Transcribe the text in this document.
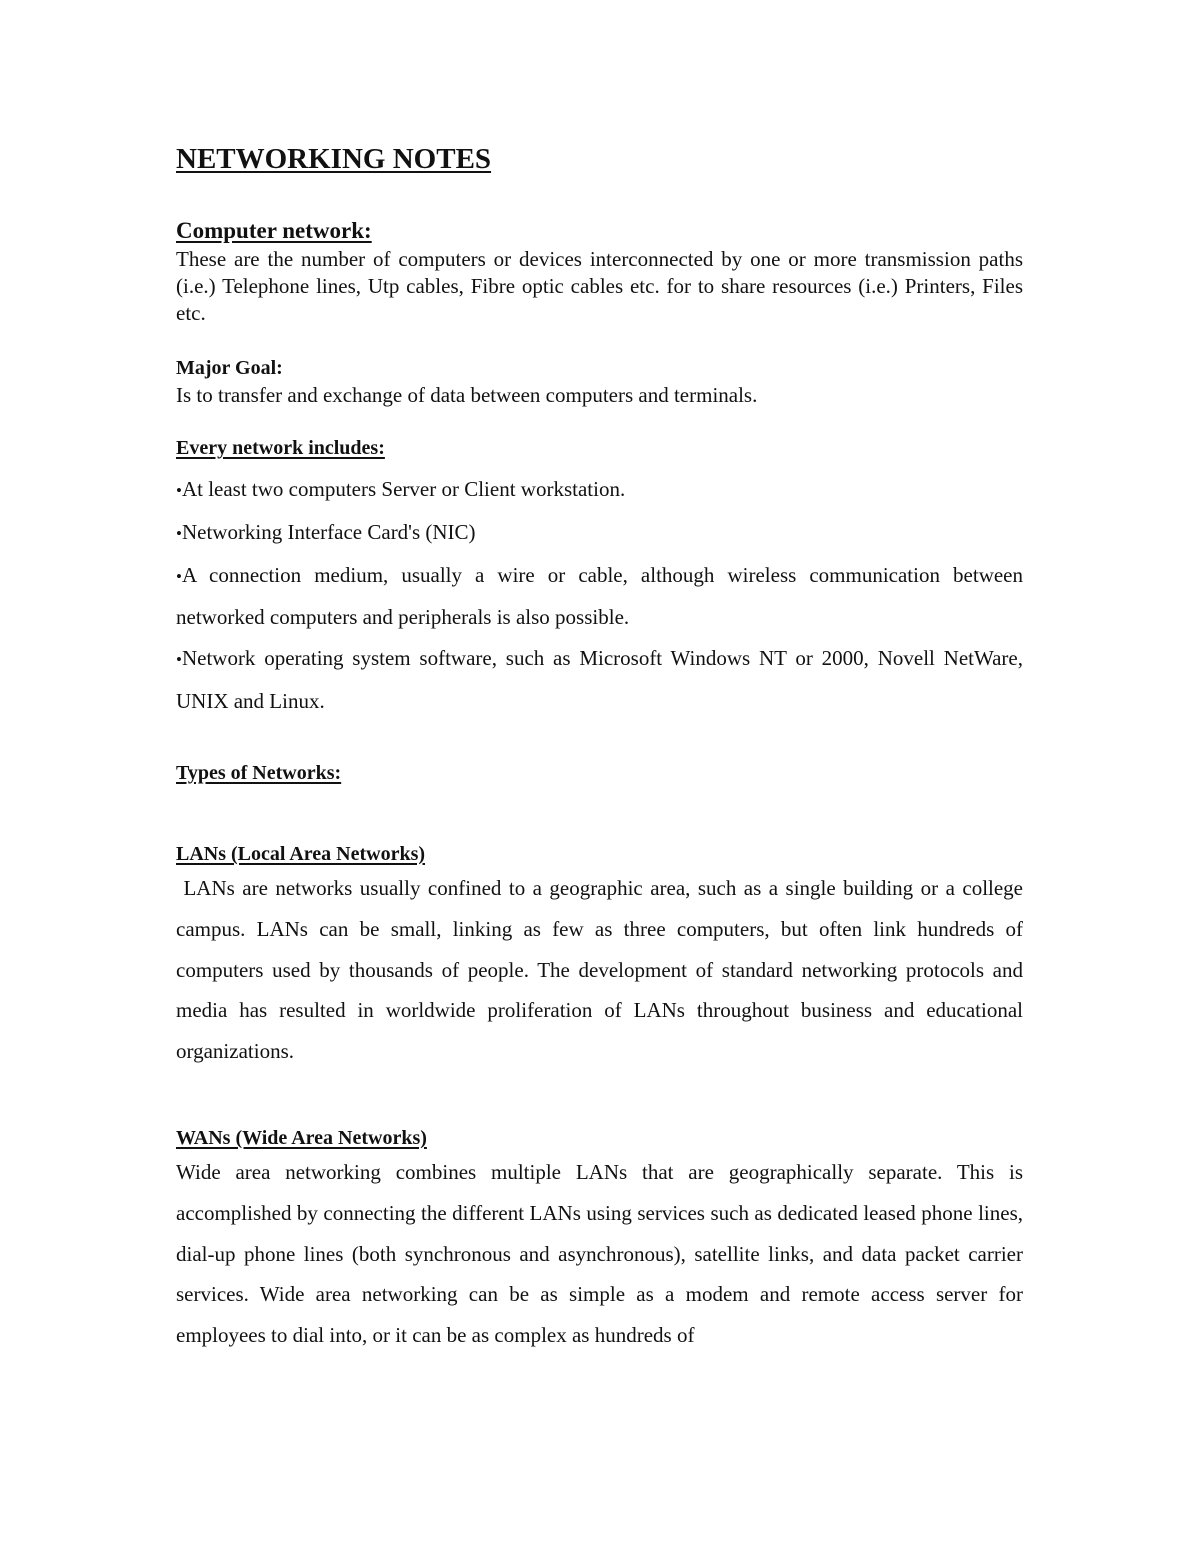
NETWORKING NOTES
Computer network:

These are the number of computers or devices interconnected by one or more transmission paths (i.e.) Telephone lines, Utp cables, Fibre optic cables etc. for to share resources (i.e.) Printers, Files etc.

Major Goal:

Is to transfer and exchange of data between computers and terminals.

Every network includes:
•At least two computers Server or Client workstation.
•Networking Interface Card's (NIC)
•A connection medium, usually a wire or cable, although wireless communication between networked computers and peripherals is also possible.
•Network operating system software, such as Microsoft Windows NT or 2000, Novell NetWare, UNIX and Linux.
Types of Networks:
LANs (Local Area Networks)

LANs are networks usually confined to a geographic area, such as a single building or a college campus. LANs can be small, linking as few as three computers, but often link hundreds of computers used by thousands of people. The development of standard networking protocols and media has resulted in worldwide proliferation of LANs throughout business and educational organizations.

WANs (Wide Area Networks)

Wide area networking combines multiple LANs that are geographically separate. This is accomplished by connecting the different LANs using services such as dedicated leased phone lines, dial-up phone lines (both synchronous and asynchronous), satellite links, and data packet carrier services. Wide area networking can be as simple as a modem and remote access server for employees to dial into, or it can be as complex as hundreds of
